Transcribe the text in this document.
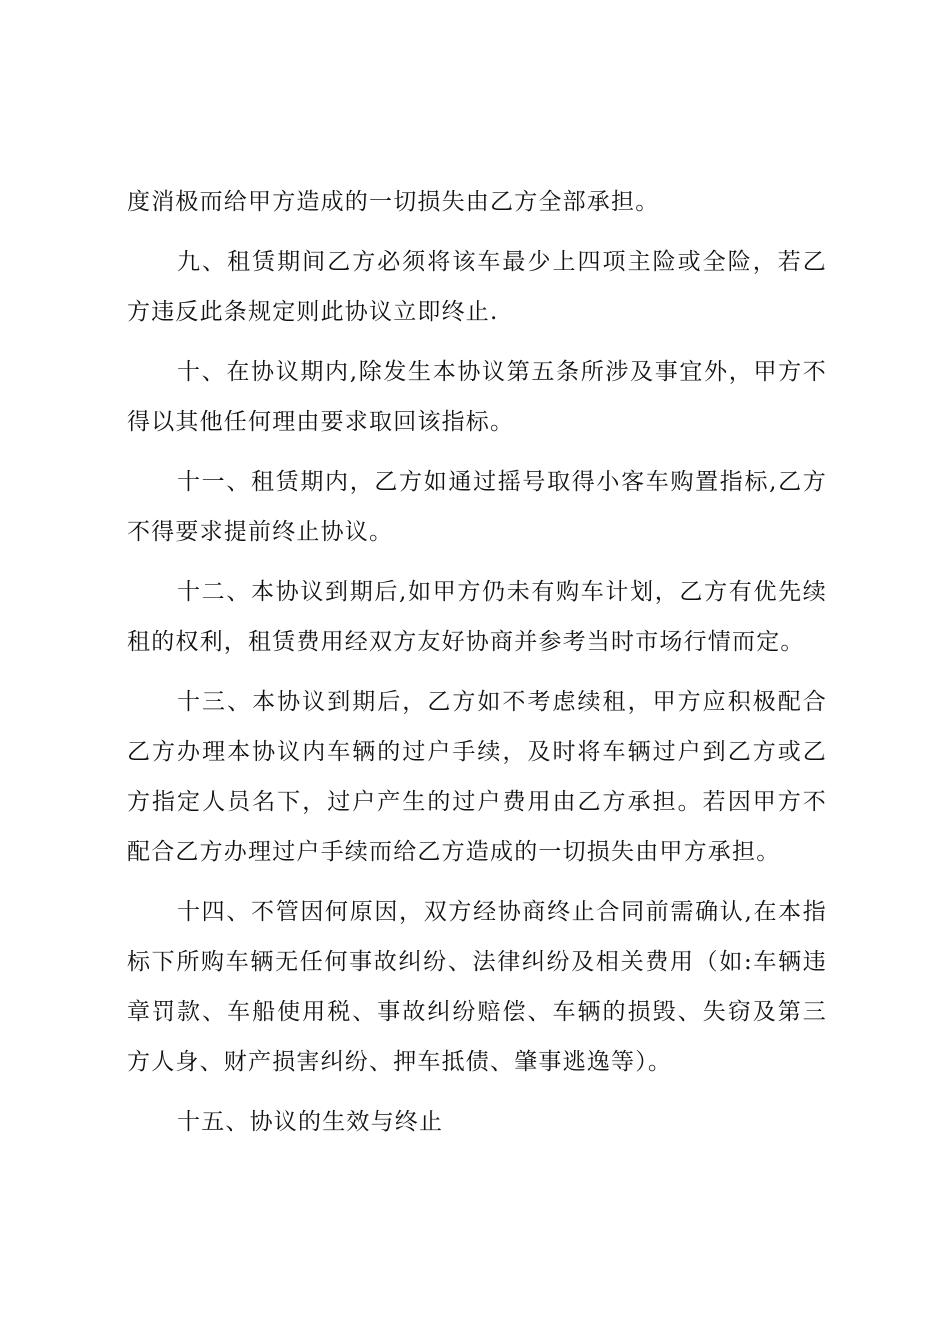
度消极而给甲方造成的一切损失由乙方全部承担。

九、租赁期间乙方必须将该车最少上四项主险或全险，若乙方违反此条规定则此协议立即终止.

十、在协议期内,除发生本协议第五条所涉及事宜外，甲方不得以其他任何理由要求取回该指标。

十一、租赁期内，乙方如通过摇号取得小客车购置指标,乙方不得要求提前终止协议。

十二、本协议到期后,如甲方仍未有购车计划，乙方有优先续租的权利，租赁费用经双方友好协商并参考当时市场行情而定。

十三、本协议到期后，乙方如不考虑续租，甲方应积极配合乙方办理本协议内车辆的过户手续，及时将车辆过户到乙方或乙方指定人员名下，过户产生的过户费用由乙方承担。若因甲方不配合乙方办理过户手续而给乙方造成的一切损失由甲方承担。

十四、不管因何原因，双方经协商终止合同前需确认,在本指标下所购车辆无任何事故纠纷、法律纠纷及相关费用（如:车辆违章罚款、车船使用税、事故纠纷赔偿、车辆的损毁、失窃及第三方人身、财产损害纠纷、押车抵债、肇事逃逸等）。

十五、协议的生效与终止
